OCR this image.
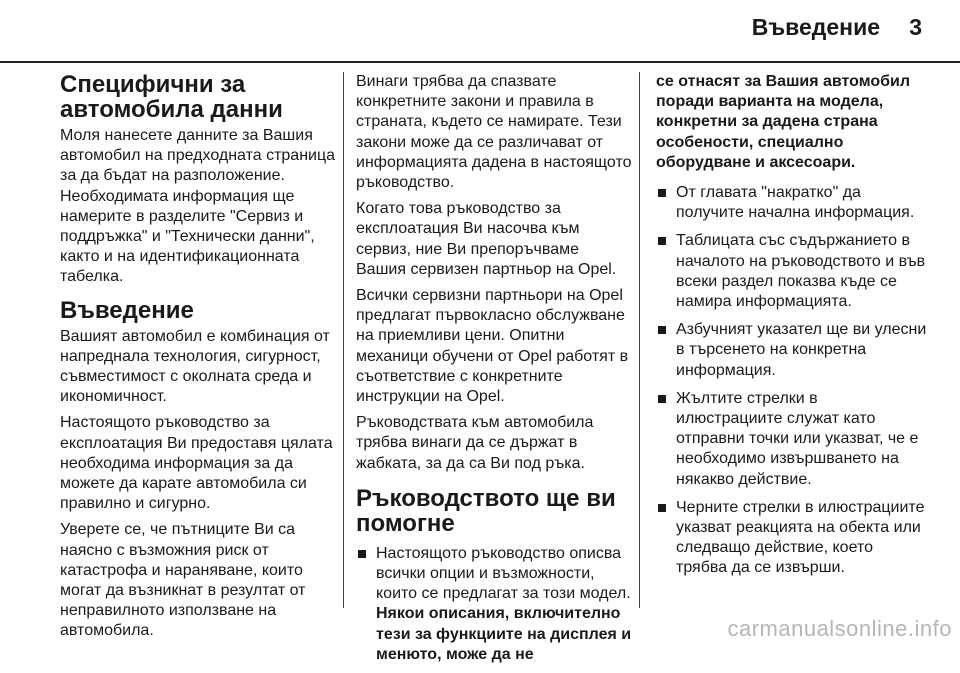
Въведение 3
Специфични за автомобила данни

Моля нанесете данните за Вашия автомобил на предходната страница за да бъдат на разположение. Необходимата информация ще намерите в разделите "Сервиз и поддръжка" и "Технически данни", както и на идентификационната табелка.

Въведение

Вашият автомобил е комбинация от напреднала технология, сигурност, съвместимост с околната среда и икономичност.

Настоящото ръководство за експлоатация Ви предоставя цялата необходима информация за да можете да карате автомобила си правилно и сигурно.

Уверете се, че пътниците Ви са наясно с възможния риск от катастрофа и нараняване, които могат да възникнат в резултат от неправилното използване на автомобила.

Винаги трябва да спазвате конкретните закони и правила в страната, където се намирате. Тези закони може да се различават от информацията дадена в настоящото ръководство.

Когато това ръководство за експлоатация Ви насочва към сервиз, ние Ви препоръчваме Вашия сервизен партньор на Opel.

Всички сервизни партньори на Opel предлагат първокласно обслужване на приемливи цени. Опитни механици обучени от Opel работят в съответствие с конкретните инструкции на Opel.

Ръководствата към автомобила трябва винаги да се държат в жабката, за да са Ви под ръка.

Ръководството ще ви помогне
Настоящото ръководство описва всички опции и възможности, които се предлагат за този модел. Някои описания, включително тези за функциите на дисплея и менюто, може да не

се отнасят за Вашия автомобил поради варианта на модела, конкретни за дадена страна особености, специално оборудване и аксесоари.

От главата "накратко" да получите начална информация.
Таблицата със съдържанието в началото на ръководството и във всеки раздел показва къде се намира информацията.
Азбучният указател ще ви улесни в търсенето на конкретна информация.
Жълтите стрелки в илюстрациите служат като отправни точки или указват, че е необходимо извършването на някакво действие.
Черните стрелки в илюстрациите указват реакцията на обекта или следващо действие, което трябва да се извърши.
carmanualsonline.info
